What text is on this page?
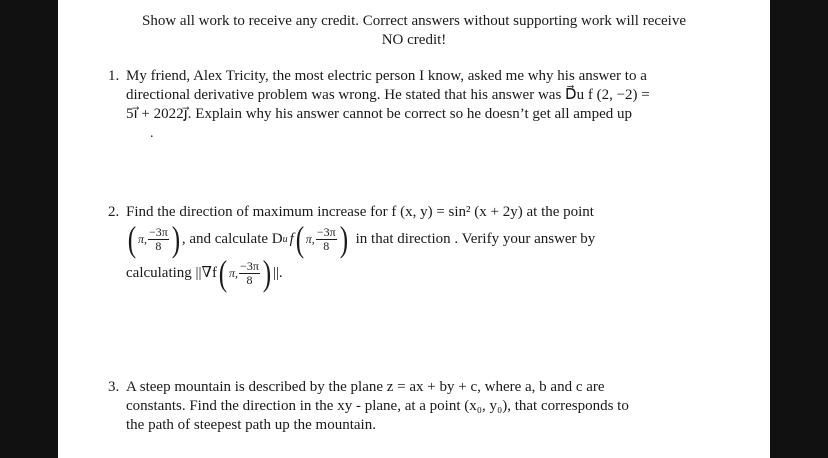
Show all work to receive any credit. Correct answers without supporting work will receive
NO credit!
1. My friend, Alex Tricity, the most electric person I know, asked me why his answer to a
directional derivative problem was wrong. He stated that his answer was D⃗u f (2, −2) =
5ı⃗ + 2022ȷ⃗. Explain why his answer cannot be correct so he doesn’t get all amped up
.
2. Find the direction of maximum increase for f (x, y) = sin² (x + 2y) at the point
( π, $\frac{-3\pi}{8}$ ) , and calculate D u f ( π, $\frac{-3\pi}{8}$ ) in that direction . Verify your answer by
calculating ||∇f ( π, $\frac{-3\pi}{8}$ ) ||.
3. A steep mountain is described by the plane z = ax + by + c, where a, b and c are
constants. Find the direction in the xy - plane, at a point (x₀, y₀), that corresponds to
the path of steepest path up the mountain.
